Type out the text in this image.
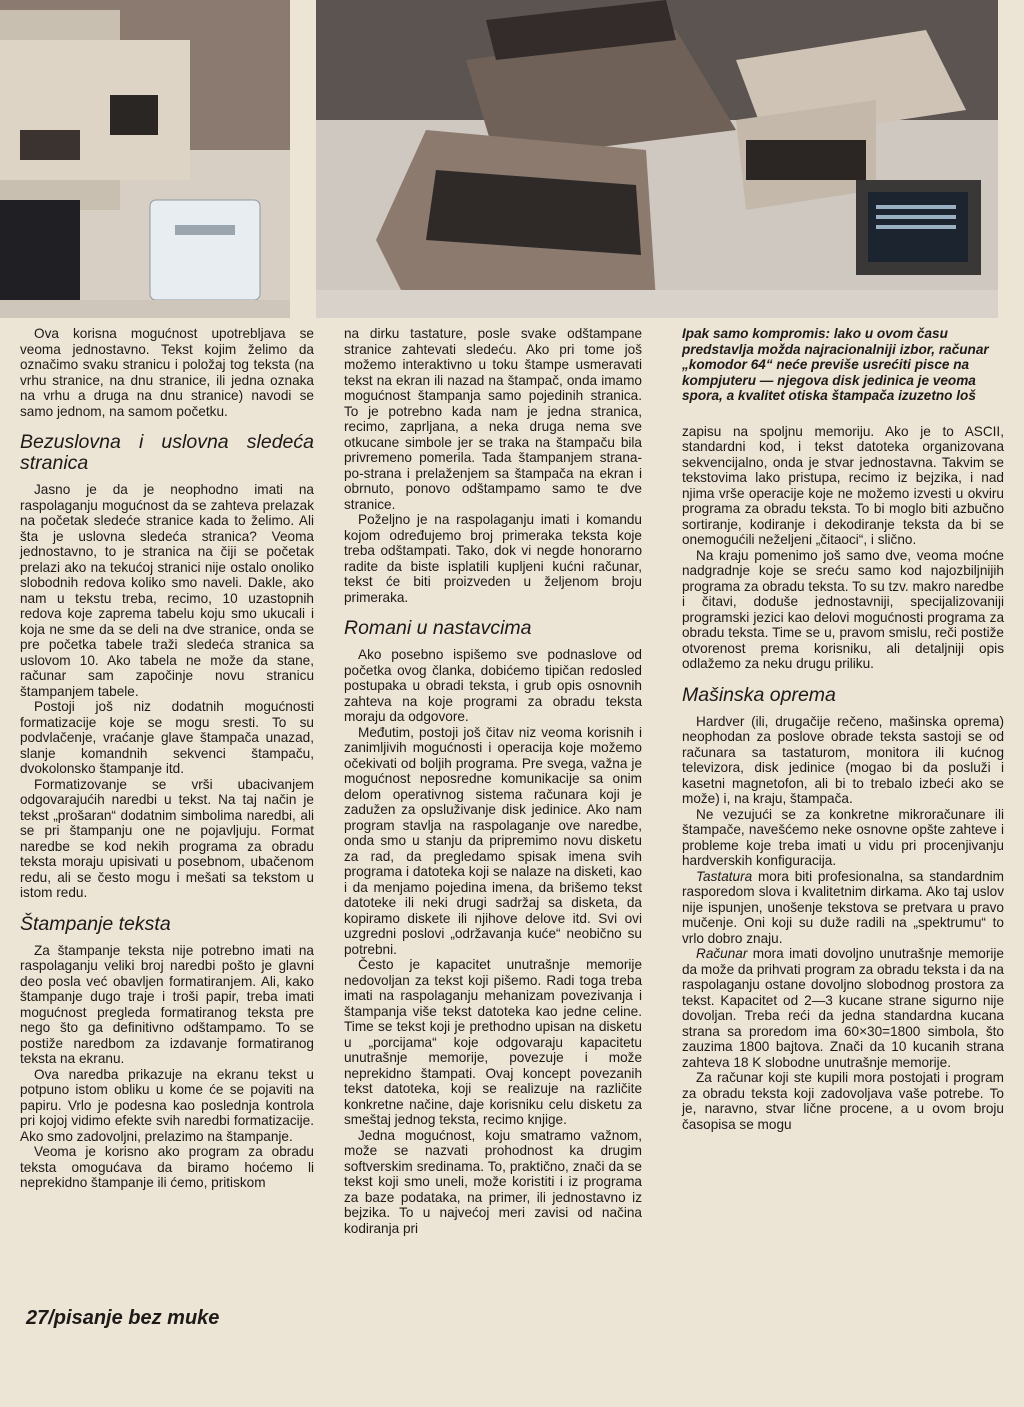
Ova korisna mogućnost upotrebljava se veoma jednostavno. Tekst kojim želimo da označimo svaku stranicu i položaj tog teksta (na vrhu stranice, na dnu stranice, ili jedna oznaka na vrhu a druga na dnu stranice) navodi se samo jednom, na samom početku.

Bezuslovna i uslovna sledeća stranica

Jasno je da je neophodno imati na raspolaganju mogućnost da se zahteva prelazak na početak sledeće stranice kada to želimo. Ali šta je uslovna sledeća stranica? Veoma jednostavno, to je stranica na čiji se početak prelazi ako na tekućoj stranici nije ostalo onoliko slobodnih redova koliko smo naveli. Dakle, ako nam u tekstu treba, recimo, 10 uzastopnih redova koje zaprema tabelu koju smo ukucali i koja ne sme da se deli na dve stranice, onda se pre početka tabele traži sledeća stranica sa uslovom 10. Ako tabela ne može da stane, računar sam započinje novu stranicu štampanjem tabele.

Postoji još niz dodatnih mogućnosti formatizacije koje se mogu sresti. To su podvlačenje, vraćanje glave štampača unazad, slanje komandnih sekvenci štampaču, dvokolonsko štampanje itd.

Formatizovanje se vrši ubacivanjem odgovarajućih naredbi u tekst. Na taj način je tekst „prošaran“ dodatnim simbolima naredbi, ali se pri štampanju one ne pojavljuju. Format naredbe se kod nekih programa za obradu teksta moraju upisivati u posebnom, ubačenom redu, ali se često mogu i mešati sa tekstom u istom redu.

Štampanje teksta

Za štampanje teksta nije potrebno imati na raspolaganju veliki broj naredbi pošto je glavni deo posla već obavljen formatiranjem. Ali, kako štampanje dugo traje i troši papir, treba imati mogućnost pregleda formatiranog teksta pre nego što ga definitivno odštampamo. To se postiže naredbom za izdavanje formatiranog teksta na ekranu.

Ova naredba prikazuje na ekranu tekst u potpuno istom obliku u kome će se pojaviti na papiru. Vrlo je podesna kao poslednja kontrola pri kojoj vidimo efekte svih naredbi formatizacije. Ako smo zadovoljni, prelazimo na štampanje.

Veoma je korisno ako program za obradu teksta omogućava da biramo hoćemo li neprekidno štampanje ili ćemo, pritiskom

na dirku tastature, posle svake odštampane stranice zahtevati sledeću. Ako pri tome još možemo interaktivno u toku štampe usmeravati tekst na ekran ili nazad na štampač, onda imamo mogućnost štampanja samo pojedinih stranica. To je potrebno kada nam je jedna stranica, recimo, zaprljana, a neka druga nema sve otkucane simbole jer se traka na štampaču bila privremeno pomerila. Tada štampanjem strana-po-strana i prelaženjem sa štampača na ekran i obrnuto, ponovo odštampamo samo te dve stranice.

Poželjno je na raspolaganju imati i komandu kojom određujemo broj primeraka teksta koje treba odštampati. Tako, dok vi negde honorarno radite da biste isplatili kupljeni kućni računar, tekst će biti proizveden u željenom broju primeraka.

Romani u nastavcima

Ako posebno ispišemo sve podnaslove od početka ovog članka, dobićemo tipičan redosled postupaka u obradi teksta, i grub opis osnovnih zahteva na koje programi za obradu teksta moraju da odgovore.

Međutim, postoji još čitav niz veoma korisnih i zanimljivih mogućnosti i operacija koje možemo očekivati od boljih programa. Pre svega, važna je mogućnost neposredne komunikacije sa onim delom operativnog sistema računara koji je zadužen za opsluživanje disk jedinice. Ako nam program stavlja na raspolaganje ove naredbe, onda smo u stanju da pripremimo novu disketu za rad, da pregledamo spisak imena svih programa i datoteka koji se nalaze na disketi, kao i da menjamo pojedina imena, da brišemo tekst datoteke ili neki drugi sadržaj sa disketa, da kopiramo diskete ili njihove delove itd. Svi ovi uzgredni poslovi „održavanja kuće“ neobično su potrebni.

Često je kapacitet unutrašnje memorije nedovoljan za tekst koji pišemo. Radi toga treba imati na raspolaganju mehanizam povezivanja i štampanja više tekst datoteka kao jedne celine. Time se tekst koji je prethodno upisan na disketu u „porcijama“ koje odgovaraju kapacitetu unutrašnje memorije, povezuje i može neprekidno štampati. Ovaj koncept povezanih tekst datoteka, koji se realizuje na različite konkretne načine, daje korisniku celu disketu za smeštaj jednog teksta, recimo knjige.

Jedna mogućnost, koju smatramo važnom, može se nazvati prohodnost ka drugim softverskim sredinama. To, praktično, znači da se tekst koji smo uneli, može koristiti i iz programa za baze podataka, na primer, ili jednostavno iz bejzika. To u najvećoj meri zavisi od načina kodiranja pri

Ipak samo kompromis: lako u ovom času predstavlja možda najracionalniji izbor, računar „komodor 64“ neće previše usrećiti pisce na kompjuteru — njegova disk jedinica je veoma spora, a kvalitet otiska štampača izuzetno loš

zapisu na spoljnu memoriju. Ako je to ASCII, standardni kod, i tekst datoteka organizovana sekvencijalno, onda je stvar jednostavna. Takvim se tekstovima lako pristupa, recimo iz bejzika, i nad njima vrše operacije koje ne možemo izvesti u okviru programa za obradu teksta. To bi moglo biti azbučno sortiranje, kodiranje i dekodiranje teksta da bi se onemogućili neželjeni „čitaoci“, i slično.

Na kraju pomenimo još samo dve, veoma moćne nadgradnje koje se sreću samo kod najozbiljnijih programa za obradu teksta. To su tzv. makro naredbe i čitavi, doduše jednostavniji, specijalizovaniji programski jezici kao delovi mogućnosti programa za obradu teksta. Time se u, pravom smislu, reči postiže otvorenost prema korisniku, ali detaljniji opis odlažemo za neku drugu priliku.

Mašinska oprema

Hardver (ili, drugačije rečeno, mašinska oprema) neophodan za poslove obrade teksta sastoji se od računara sa tastaturom, monitora ili kućnog televizora, disk jedinice (mogao bi da posluži i kasetni magnetofon, ali bi to trebalo izbeći ako se može) i, na kraju, štampača.

Ne vezujući se za konkretne mikroračunare ili štampače, navešćemo neke osnovne opšte zahteve i probleme koje treba imati u vidu pri procenjivanju hardverskih konfiguracija.

Tastatura mora biti profesionalna, sa standardnim rasporedom slova i kvalitetnim dirkama. Ako taj uslov nije ispunjen, unošenje tekstova se pretvara u pravo mučenje. Oni koji su duže radili na „spektrumu“ to vrlo dobro znaju.

Računar mora imati dovoljno unutrašnje memorije da može da prihvati program za obradu teksta i da na raspolaganju ostane dovoljno slobodnog prostora za tekst. Kapacitet od 2—3 kucane strane sigurno nije dovoljan. Treba reći da jedna standardna kucana strana sa proredom ima 60×30=1800 simbola, što zauzima 1800 bajtova. Znači da 10 kucanih strana zahteva 18 K slobodne unutrašnje memorije.

Za računar koji ste kupili mora postojati i program za obradu teksta koji zadovoljava vaše potrebe. To je, naravno, stvar lične procene, a u ovom broju časopisa se mogu

27/pisanje bez muke
